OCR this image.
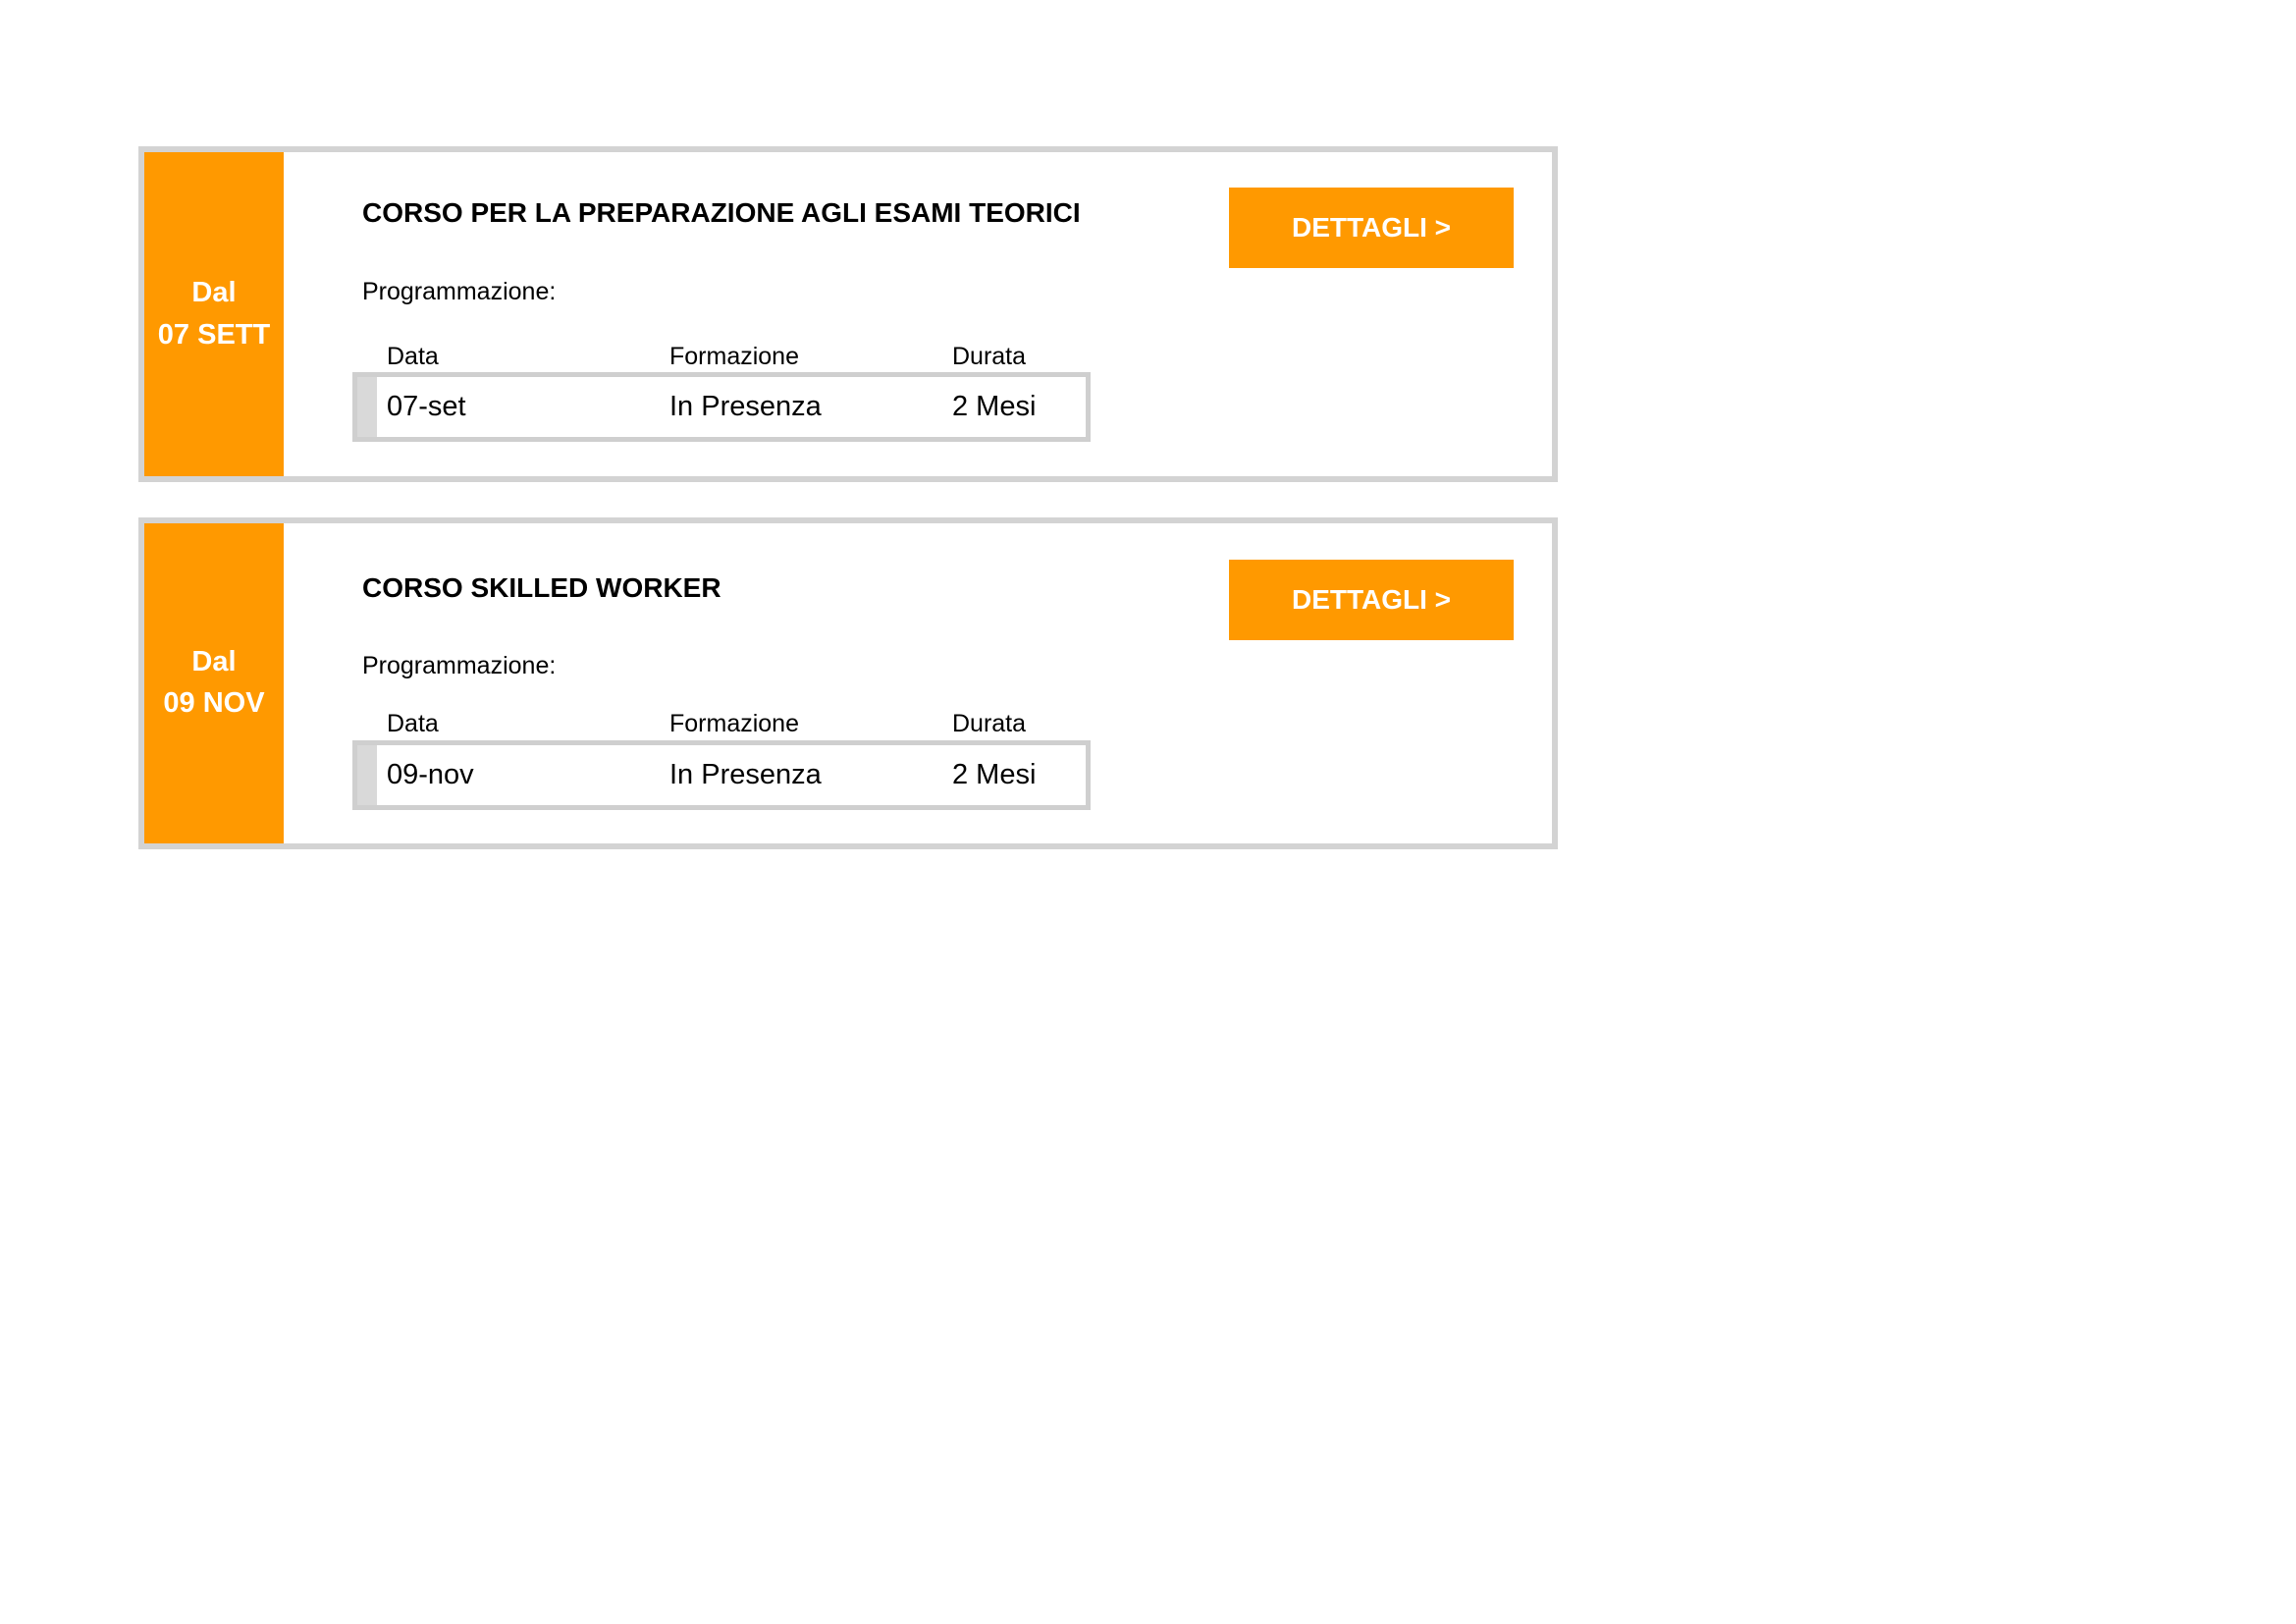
Dal
07 SETT
CORSO PER LA PREPARAZIONE AGLI ESAMI TEORICI
Programmazione:
Data	Formazione	Durata
07-set	In Presenza	2 Mesi
DETTAGLI >
Dal
09 NOV
CORSO SKILLED WORKER
Programmazione:
Data	Formazione	Durata
09-nov	In Presenza	2 Mesi
DETTAGLI >
